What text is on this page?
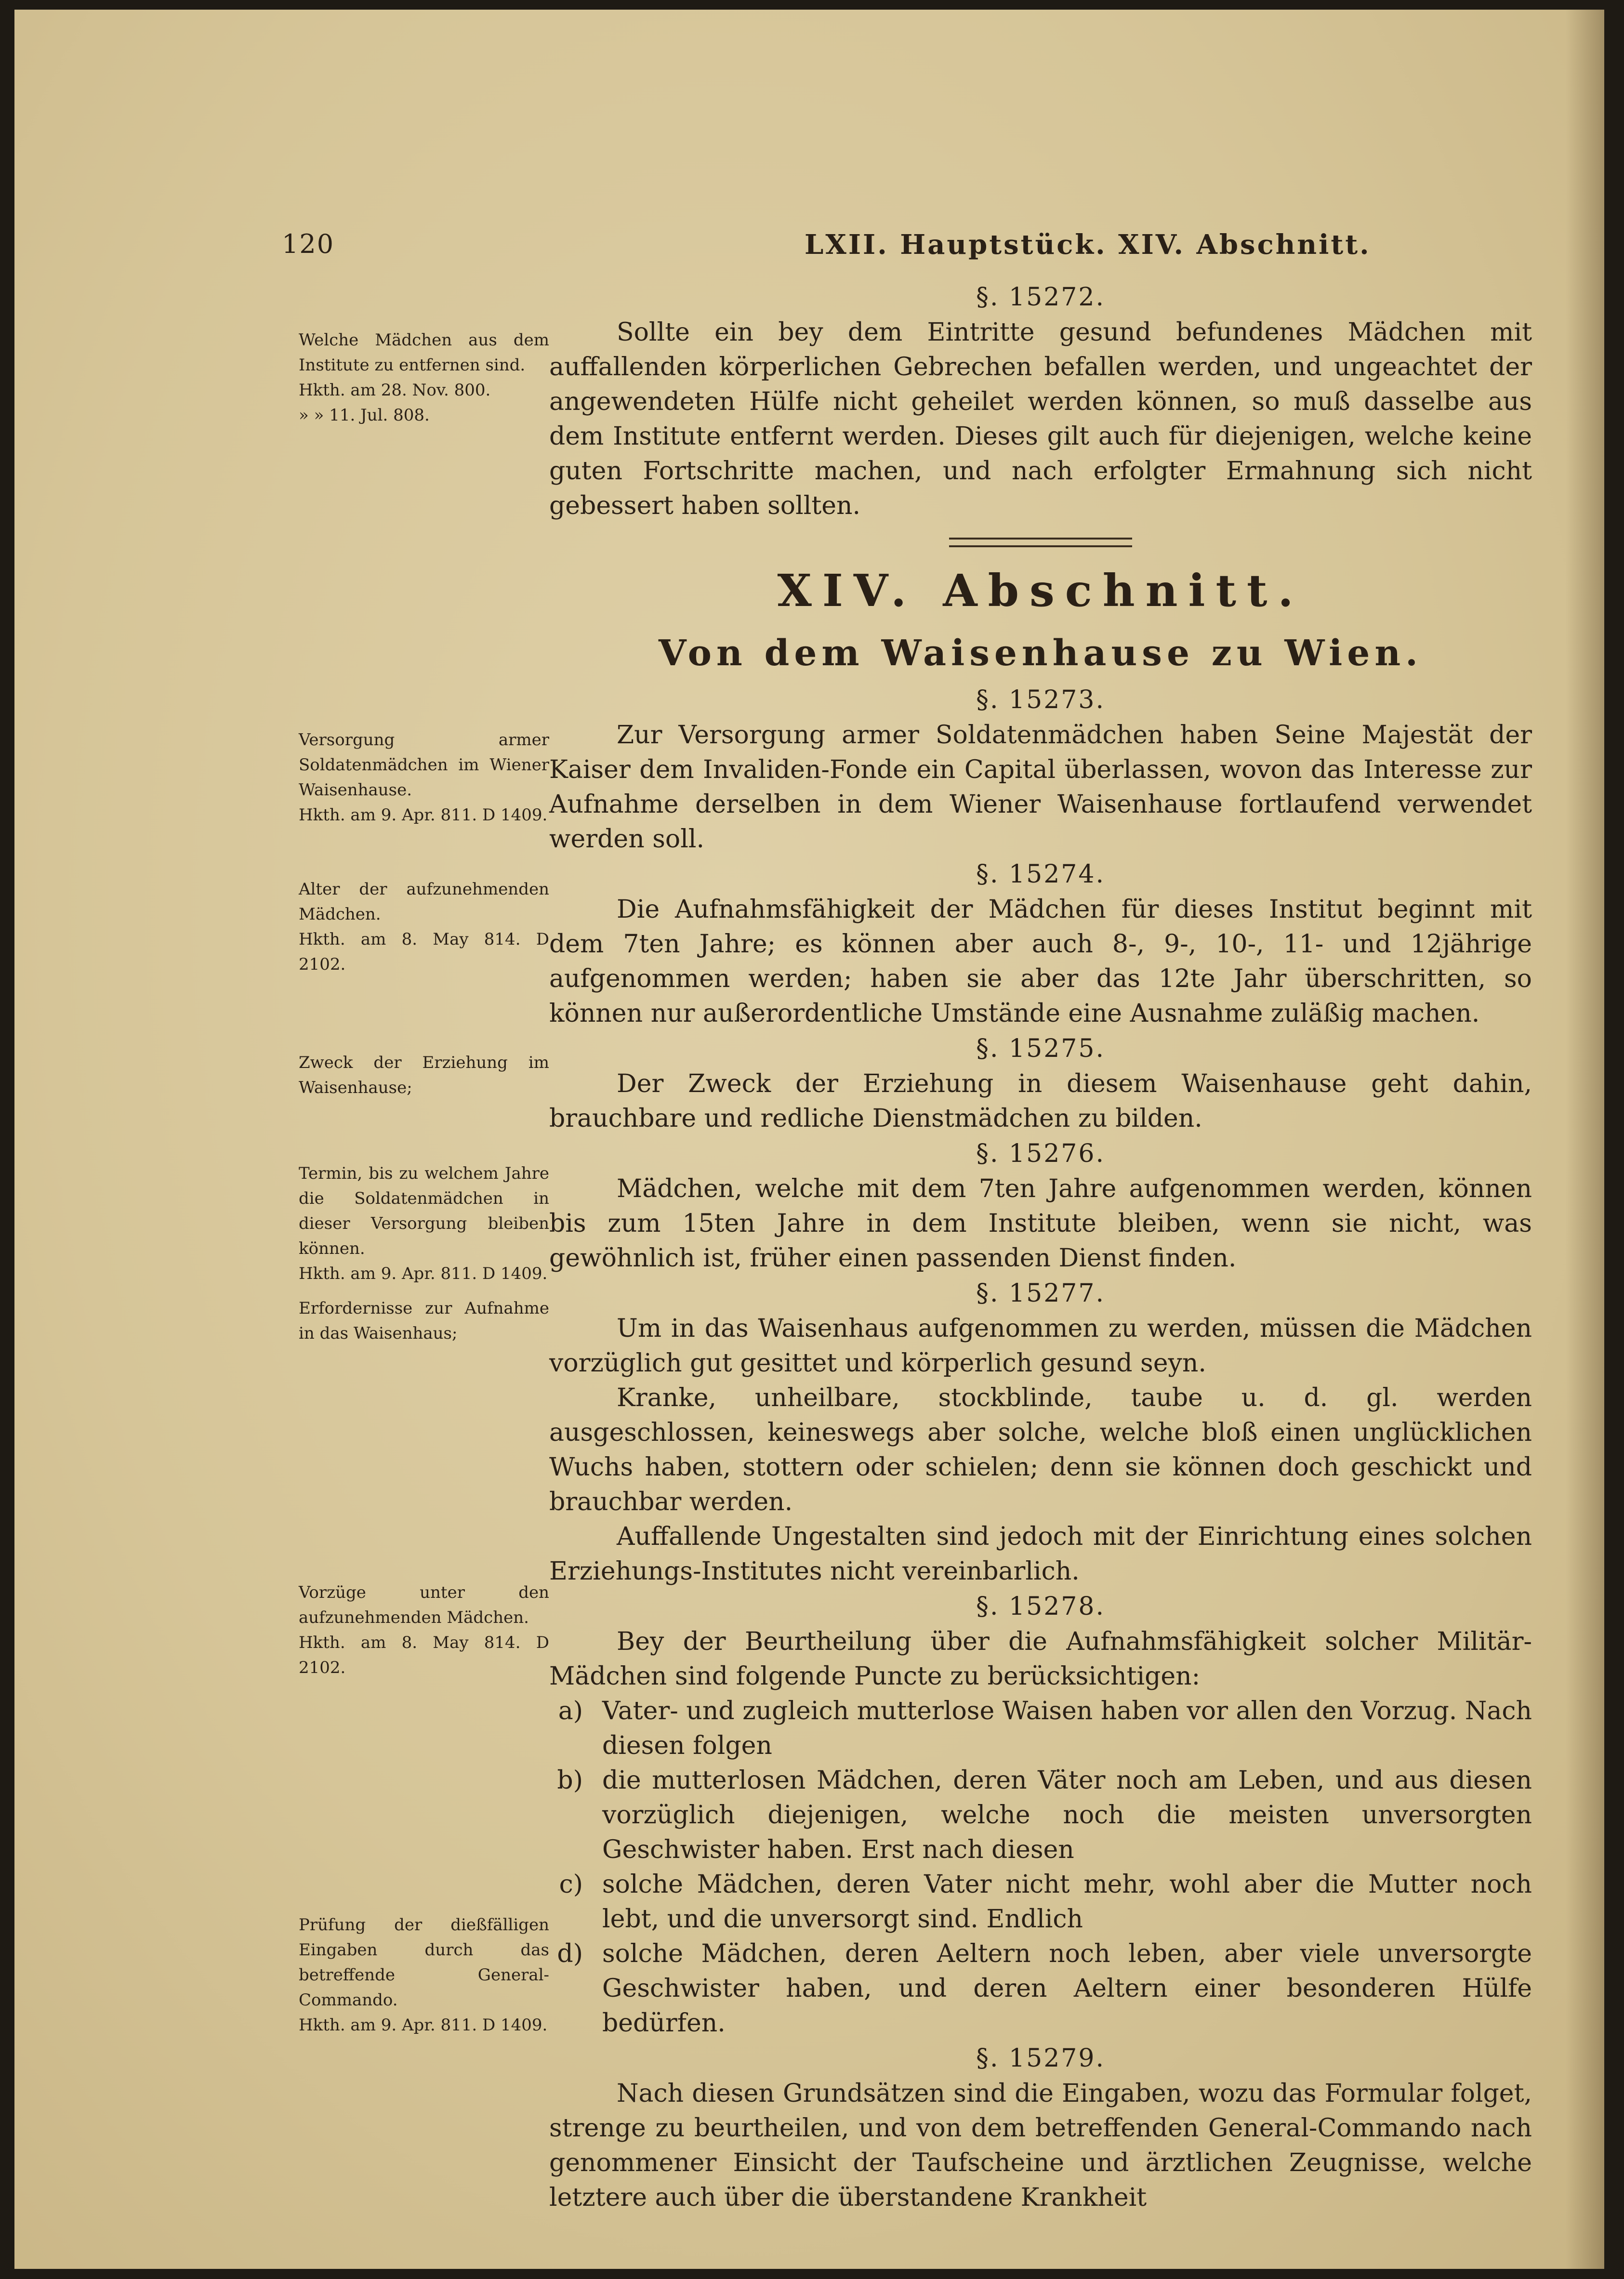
120	LXII. Hauptstück. XIV. Abschnitt.
§. 15272.
Sollte ein bey dem Eintritte gesund befundenes Mädchen mit auffallenden körperlichen Gebrechen befallen werden, und ungeachtet der angewendeten Hülfe nicht geheilet werden können, so muß dasselbe aus dem Institute entfernt werden. Dieses gilt auch für diejenigen, welche keine guten Fortschritte machen, und nach erfolgter Ermahnung sich nicht gebessert haben sollten.
XIV. Abschnitt.
Von dem Waisenhause zu Wien.
§. 15273.
Zur Versorgung armer Soldatenmädchen haben Seine Majestät der Kaiser dem Invaliden-Fonde ein Capital überlassen, wovon das Interesse zur Aufnahme derselben in dem Wiener Waisenhause fortlaufend verwendet werden soll.
§. 15274.
Die Aufnahmsfähigkeit der Mädchen für dieses Institut beginnt mit dem 7ten Jahre; es können aber auch 8-, 9-, 10-, 11- und 12jährige aufgenommen werden; haben sie aber das 12te Jahr überschritten, so können nur außerordentliche Umstände eine Ausnahme zuläßig machen.
§. 15275.
Der Zweck der Erziehung in diesem Waisenhause geht dahin, brauchbare und redliche Dienstmädchen zu bilden.
§. 15276.
Mädchen, welche mit dem 7ten Jahre aufgenommen werden, können bis zum 15ten Jahre in dem Institute bleiben, wenn sie nicht, was gewöhnlich ist, früher einen passenden Dienst finden.
§. 15277.
Um in das Waisenhaus aufgenommen zu werden, müssen die Mädchen vorzüglich gut gesittet und körperlich gesund seyn.
Kranke, unheilbare, stockblinde, taube u. d. gl. werden ausgeschlossen, keineswegs aber solche, welche bloß einen unglücklichen Wuchs haben, stottern oder schielen; denn sie können doch geschickt und brauchbar werden.
Auffallende Ungestalten sind jedoch mit der Einrichtung eines solchen Erziehungs-Institutes nicht vereinbarlich.
§. 15278.
Bey der Beurtheilung über die Aufnahmsfähigkeit solcher Militär-Mädchen sind folgende Puncte zu berücksichtigen:
a) Vater- und zugleich mutterlose Waisen haben vor allen den Vorzug. Nach diesen folgen
b) die mutterlosen Mädchen, deren Väter noch am Leben, und aus diesen vorzüglich diejenigen, welche noch die meisten unversorgten Geschwister haben. Erst nach diesen
c) solche Mädchen, deren Vater nicht mehr, wohl aber die Mutter noch lebt, und die unversorgt sind. Endlich
d) solche Mädchen, deren Aeltern noch leben, aber viele unversorgte Geschwister haben, und deren Aeltern einer besonderen Hülfe bedürfen.
§. 15279.
Nach diesen Grundsätzen sind die Eingaben, wozu das Formular folget, strenge zu beurtheilen, und von dem betreffenden General-Commando nach genommener Einsicht der Taufscheine und ärztlichen Zeugnisse, welche letztere auch über die überstandene Krankheit
Welche Mädchen aus dem Institute zu entfernen sind.
Hkth. am 28. Nov. 800.
» » 11. Jul. 808.
Versorgung armer Soldatenmädchen im Wiener Waisenhause.
Hkth. am 9. Apr. 811. D 1409.
Alter der aufzunehmenden Mädchen.
Hkth. am 8. May 814. D 2102.
Zweck der Erziehung im Waisenhause;
Termin, bis zu welchem Jahre die Soldatenmädchen in dieser Versorgung bleiben können.
Hkth. am 9. Apr. 811. D 1409.
Erfordernisse zur Aufnahme in das Waisenhaus;
Vorzüge unter den aufzunehmenden Mädchen.
Hkth. am 8. May 814. D 2102.
Prüfung der dießfälligen Eingaben durch das betreffende General-Commando.
Hkth. am 9. Apr. 811. D 1409.
